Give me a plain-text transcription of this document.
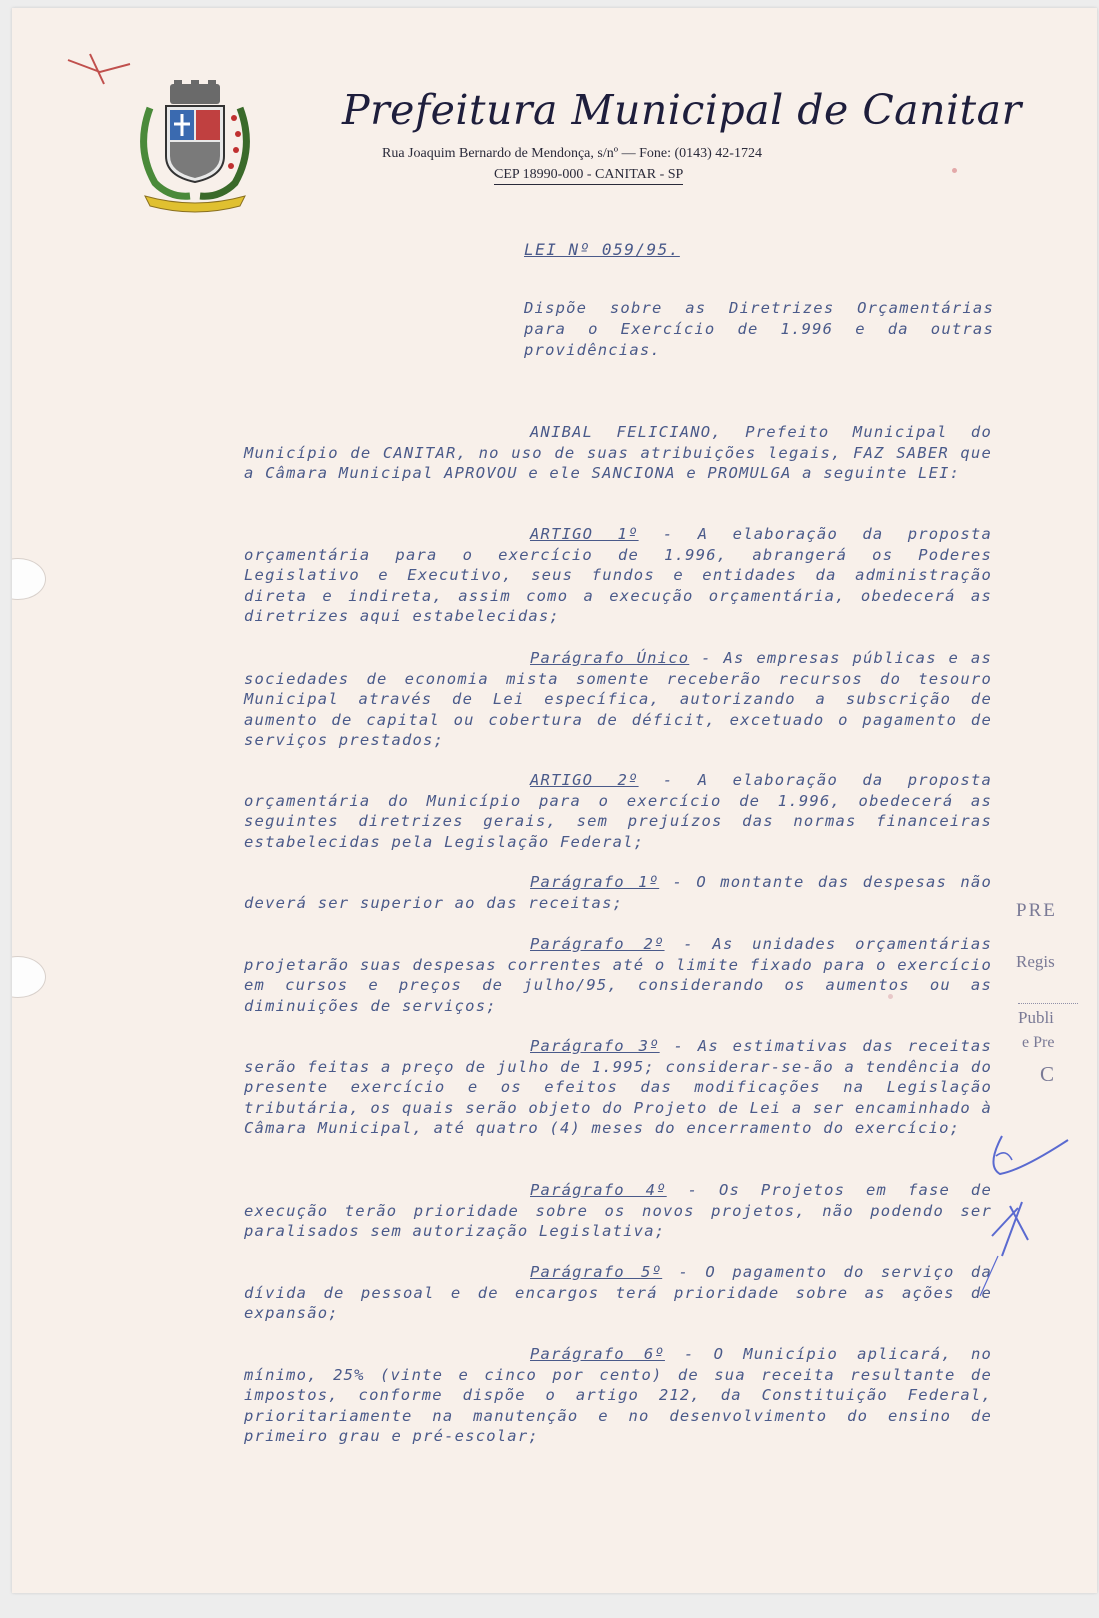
Prefeitura Municipal de Canitar
Rua Joaquim Bernardo de Mendonça, s/nº — Fone: (0143) 42-1724
CEP 18990-000 - CANITAR - SP
LEI Nº 059/95.
Dispõe sobre as Diretrizes Orçamentárias para o Exercício de 1.996 e da outras providências.

ANIBAL FELICIANO, Prefeito Municipal do Município de CANITAR, no uso de suas atribuições legais, FAZ SABER que a Câmara Municipal APROVOU e ele SANCIONA e PROMULGA a seguinte LEI:

ARTIGO 1º - A elaboração da proposta orçamentária para o exercício de 1.996, abrangerá os Poderes Legislativo e Executivo, seus fundos e entidades da administração direta e indireta, assim como a execução orçamentária, obedecerá as diretrizes aqui estabelecidas;

Parágrafo Único - As empresas públicas e as sociedades de economia mista somente receberão recursos do tesouro Municipal através de Lei específica, autorizando a subscrição de aumento de capital ou cobertura de déficit, excetuado o pagamento de serviços prestados;

ARTIGO 2º - A elaboração da proposta orçamentária do Município para o exercício de 1.996, obedecerá as seguintes diretrizes gerais, sem prejuízos das normas financeiras estabelecidas pela Legislação Federal;

Parágrafo 1º - O montante das despesas não deverá ser superior ao das receitas;

Parágrafo 2º - As unidades orçamentárias projetarão suas despesas correntes até o limite fixado para o exercício em cursos e preços de julho/95, considerando os aumentos ou as diminuições de serviços;

Parágrafo 3º - As estimativas das receitas serão feitas a preço de julho de 1.995; considerar-se-ão a tendência do presente exercício e os efeitos das modificações na Legislação tributária, os quais serão objeto do Projeto de Lei a ser encaminhado à Câmara Municipal, até quatro (4) meses do encerramento do exercício;

Parágrafo 4º - Os Projetos em fase de execução terão prioridade sobre os novos projetos, não podendo ser paralisados sem autorização Legislativa;

Parágrafo 5º - O pagamento do serviço da dívida de pessoal e de encargos terá prioridade sobre as ações de expansão;

Parágrafo 6º - O Município aplicará, no mínimo, 25% (vinte e cinco por cento) de sua receita resultante de impostos, conforme dispõe o artigo 212, da Constituição Federal, prioritariamente na manutenção e no desenvolvimento do ensino de primeiro grau e pré-escolar;

PRE
Regis
Publi
e Pre
C
